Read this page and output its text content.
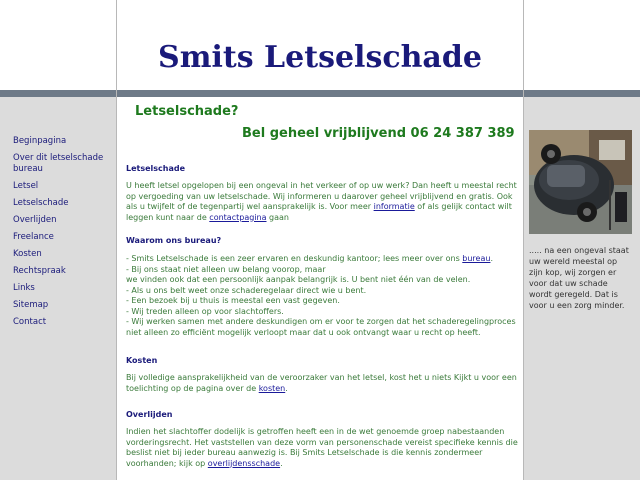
Smits Letselschade
Beginpagina
Over dit letselschade bureau
Letsel
Letselschade
Overlijden
Freelance
Kosten
Rechtspraak
Links
Sitemap
Contact
Letselschade?
Bel geheel vrijblijvend 06 24 387 389
Letselschade

U heeft letsel opgelopen bij een ongeval in het verkeer of op uw werk? Dan heeft u meestal recht op vergoeding van uw letselschade. Wij informeren u daarover geheel vrijblijvend en gratis. Ook als u twijfelt of de tegenpartij wel aansprakelijk is. Voor meer informatie of als gelijk contact wilt leggen kunt naar de contactpagina gaan

Waarom ons bureau?

- Smits Letselschade is een zeer ervaren en deskundig kantoor; lees meer over ons bureau.
- Bij ons staat niet alleen uw belang voorop, maar
we vinden ook dat een persoonlijk aanpak belangrijk is. U bent niet één van de velen.
- Als u ons belt weet onze schaderegelaar direct wie u bent.
- Een bezoek bij u thuis is meestal een vast gegeven.
- Wij treden alleen op voor slachtoffers.
- Wij werken samen met andere deskundigen om er voor te zorgen dat het schaderegelingproces niet alleen zo efficiënt mogelijk verloopt maar dat u ook ontvangt waar u recht op heeft.

Kosten

Bij volledige aansprakelijkheid van de veroorzaker van het letsel, kost het u niets Kijkt u voor een toelichting op de pagina over de kosten.

Overlijden

Indien het slachtoffer dodelijk is getroffen heeft een in de wet genoemde groep nabestaanden vorderingsrecht. Het vaststellen van deze vorm van personenschade vereist specifieke kennis die beslist niet bij ieder bureau aanwezig is. Bij Smits Letselschade is die kennis zondermeer voorhanden; kijk op overlijdensschade.

..... na een ongeval staat uw wereld meestal op zijn kop, wij zorgen er voor dat uw schade wordt geregeld. Dat is voor u een zorg minder.
